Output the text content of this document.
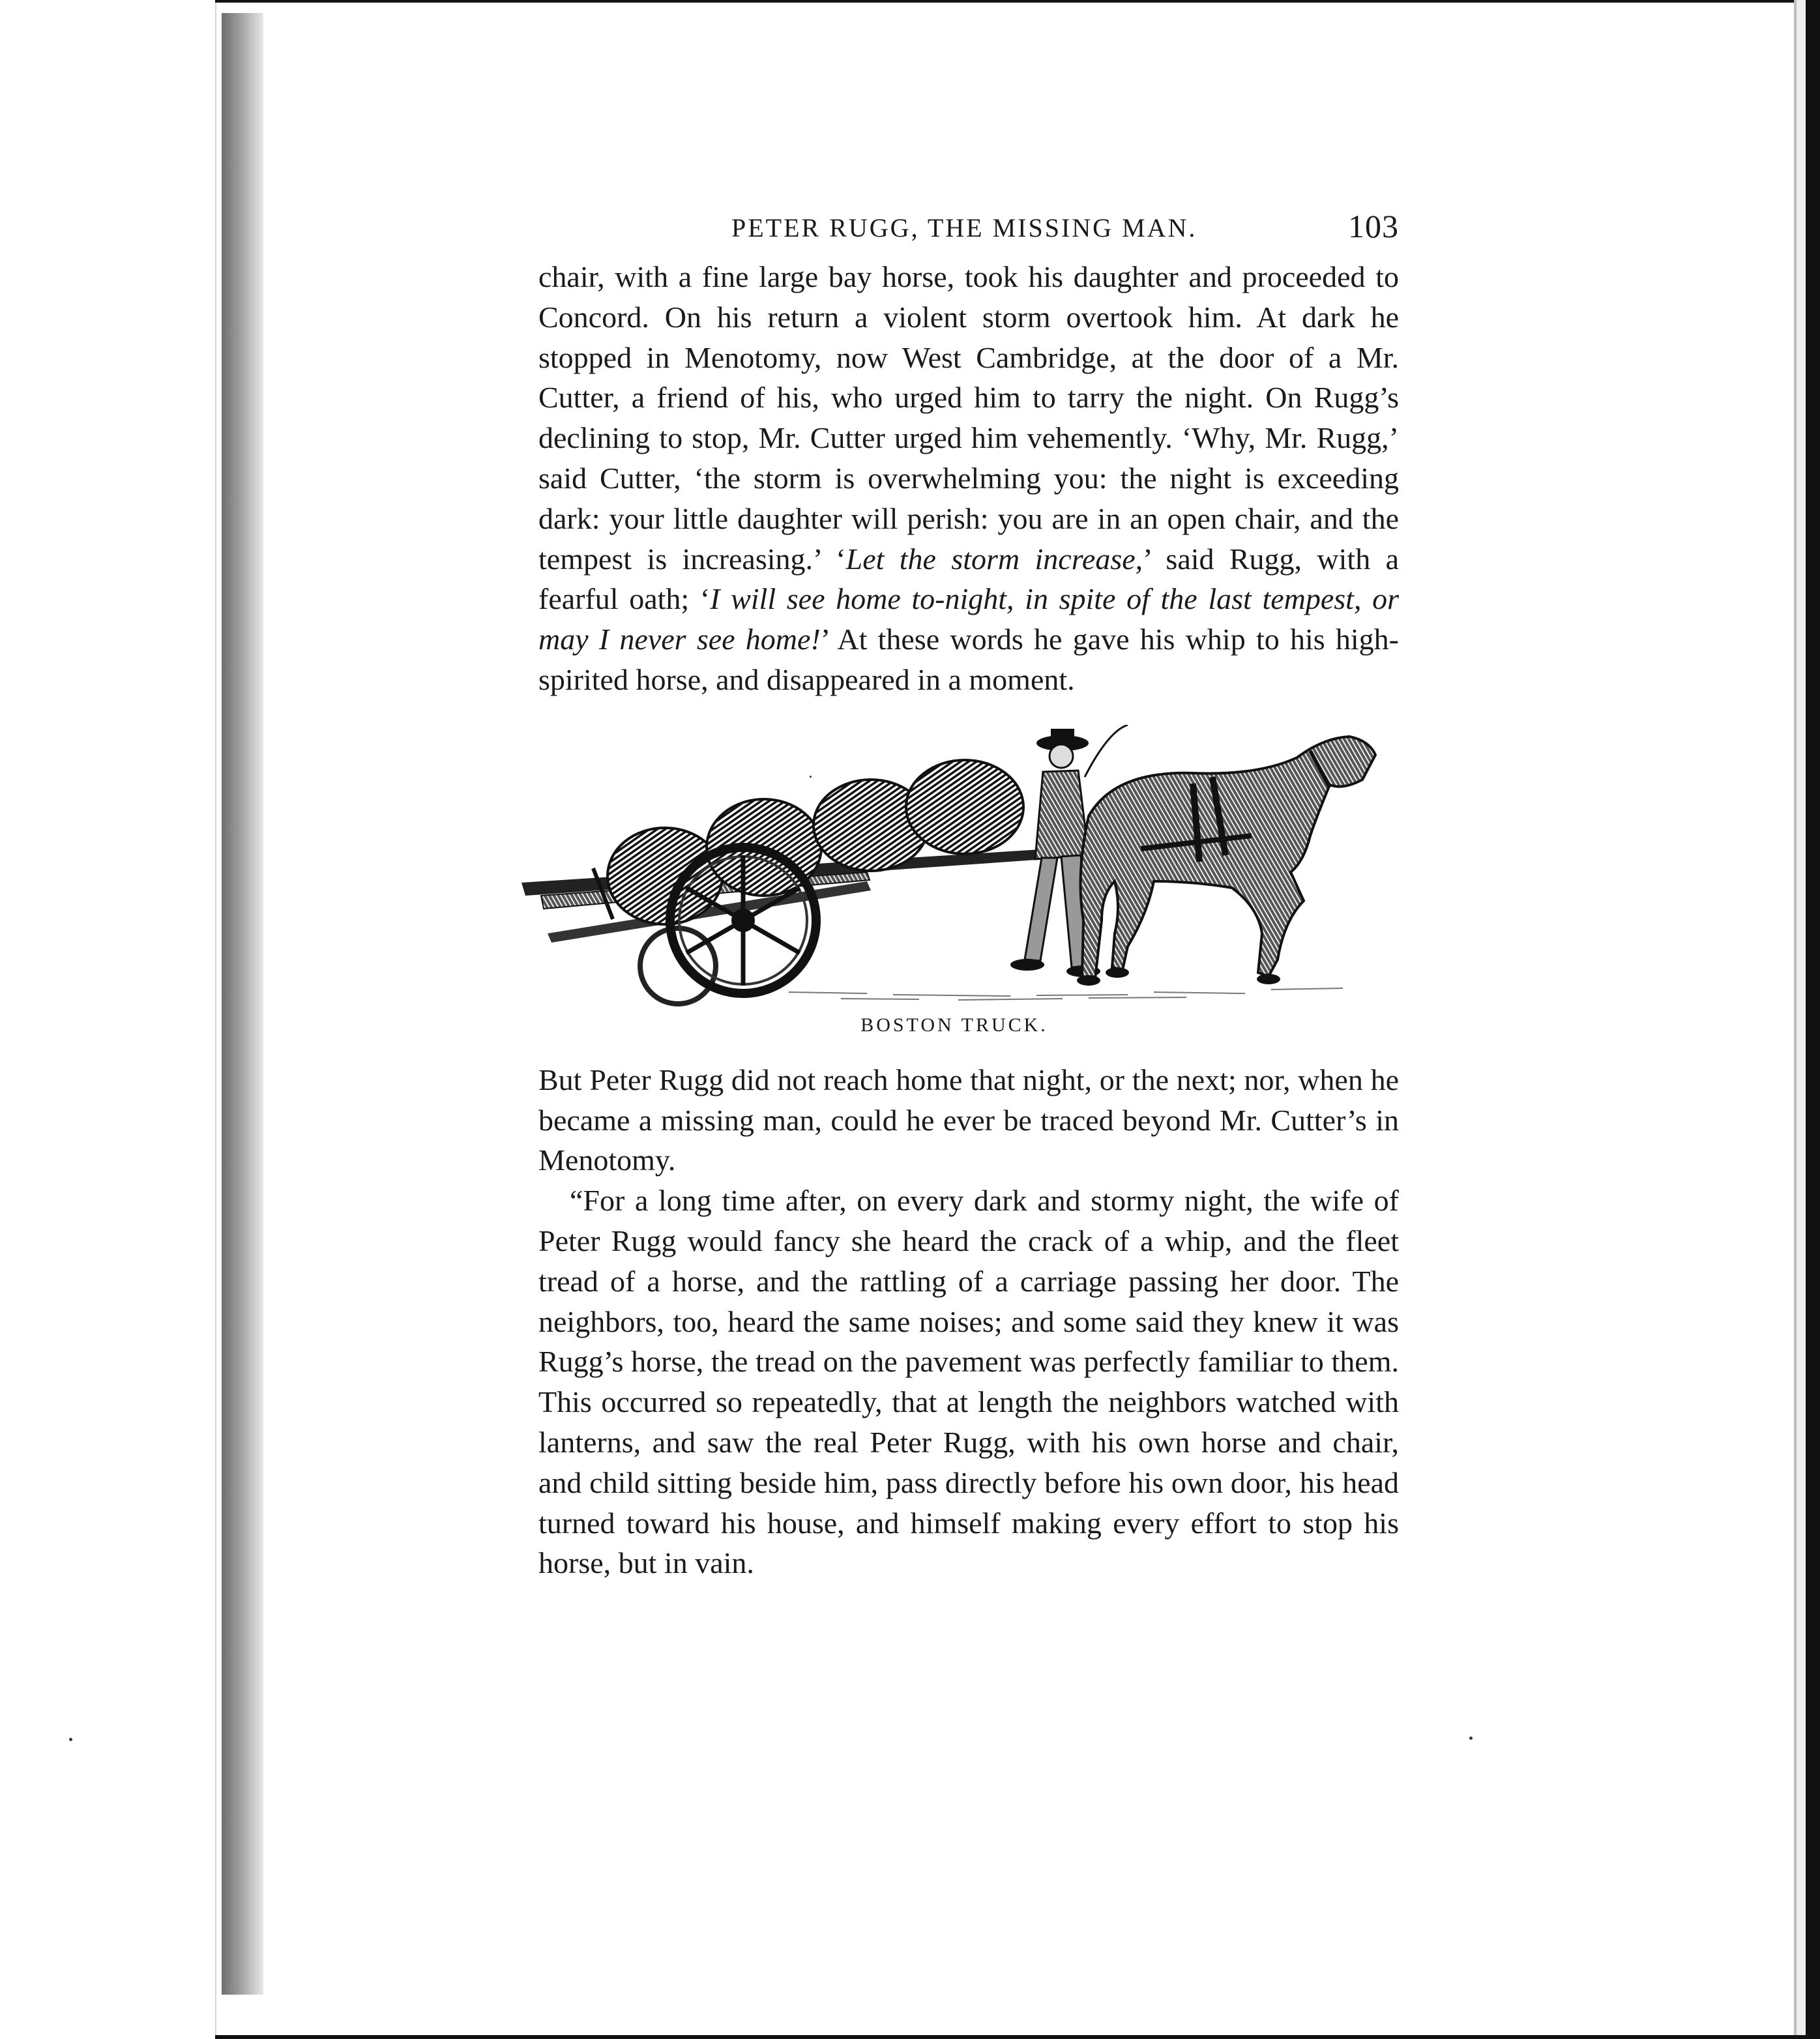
PETER RUGG, THE MISSING MAN.	103

chair, with a fine large bay horse, took his daughter and proceeded to Concord. On his return a violent storm overtook him. At dark he stopped in Menotomy, now West Cambridge, at the door of a Mr. Cutter, a friend of his, who urged him to tarry the night. On Rugg’s declining to stop, Mr. Cutter urged him vehemently. ‘Why, Mr. Rugg,’ said Cutter, ‘the storm is overwhelming you: the night is exceeding dark: your little daughter will perish: you are in an open chair, and the tempest is increasing.’ ‘Let the storm increase,’ said Rugg, with a fearful oath; ‘I will see home to-night, in spite of the last tempest, or may I never see home!’ At these words he gave his whip to his high-spirited horse, and disappeared in a moment.

BOSTON TRUCK.

But Peter Rugg did not reach home that night, or the next; nor, when he became a missing man, could he ever be traced beyond Mr. Cutter’s in Menotomy.

“For a long time after, on every dark and stormy night, the wife of Peter Rugg would fancy she heard the crack of a whip, and the fleet tread of a horse, and the rattling of a carriage passing her door. The neighbors, too, heard the same noises; and some said they knew it was Rugg’s horse, the tread on the pavement was perfectly familiar to them. This occurred so repeatedly, that at length the neighbors watched with lanterns, and saw the real Peter Rugg, with his own horse and chair, and child sitting beside him, pass directly before his own door, his head turned toward his house, and himself making every effort to stop his horse, but in vain.
